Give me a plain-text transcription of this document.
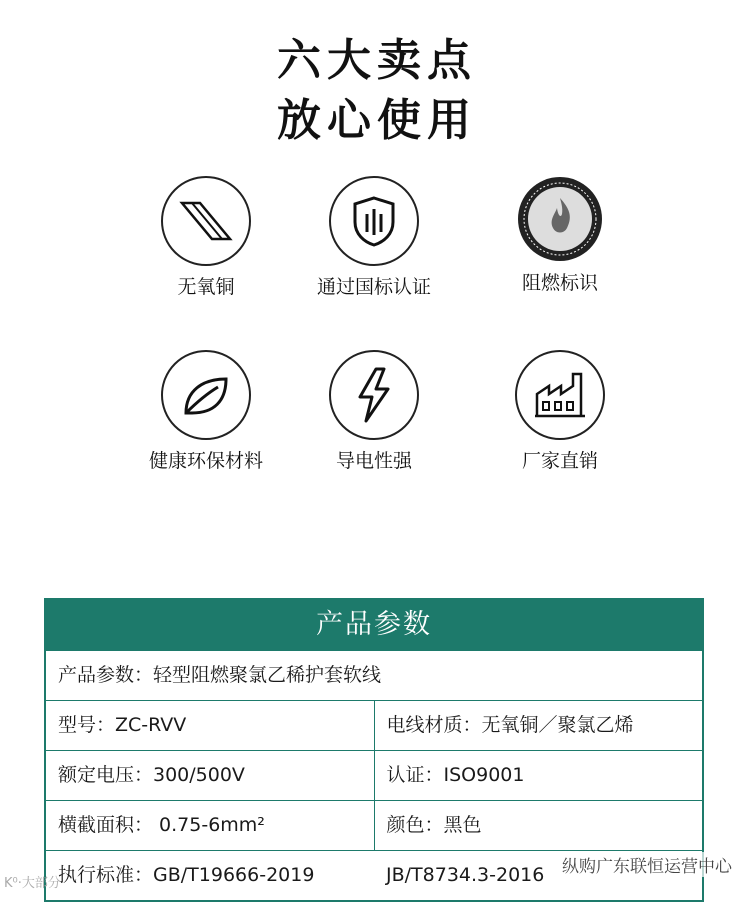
六大卖点
放心使用
无氧铜	通过国标认证	阻燃标识
健康环保材料	导电性强	厂家直销
产品参数
产品参数：轻型阻燃聚氯乙稀护套软线
型号：ZC-RVV	电线材质：无氧铜／聚氯乙烯
额定电压：300/500V	认证：ISO9001
横截面积： 0.75-6mm²	颜色：黑色
执行标准：GB/T19666-2019	JB/T8734.3-2016	纵购广东联恒运营中心
K⁰·大部分
